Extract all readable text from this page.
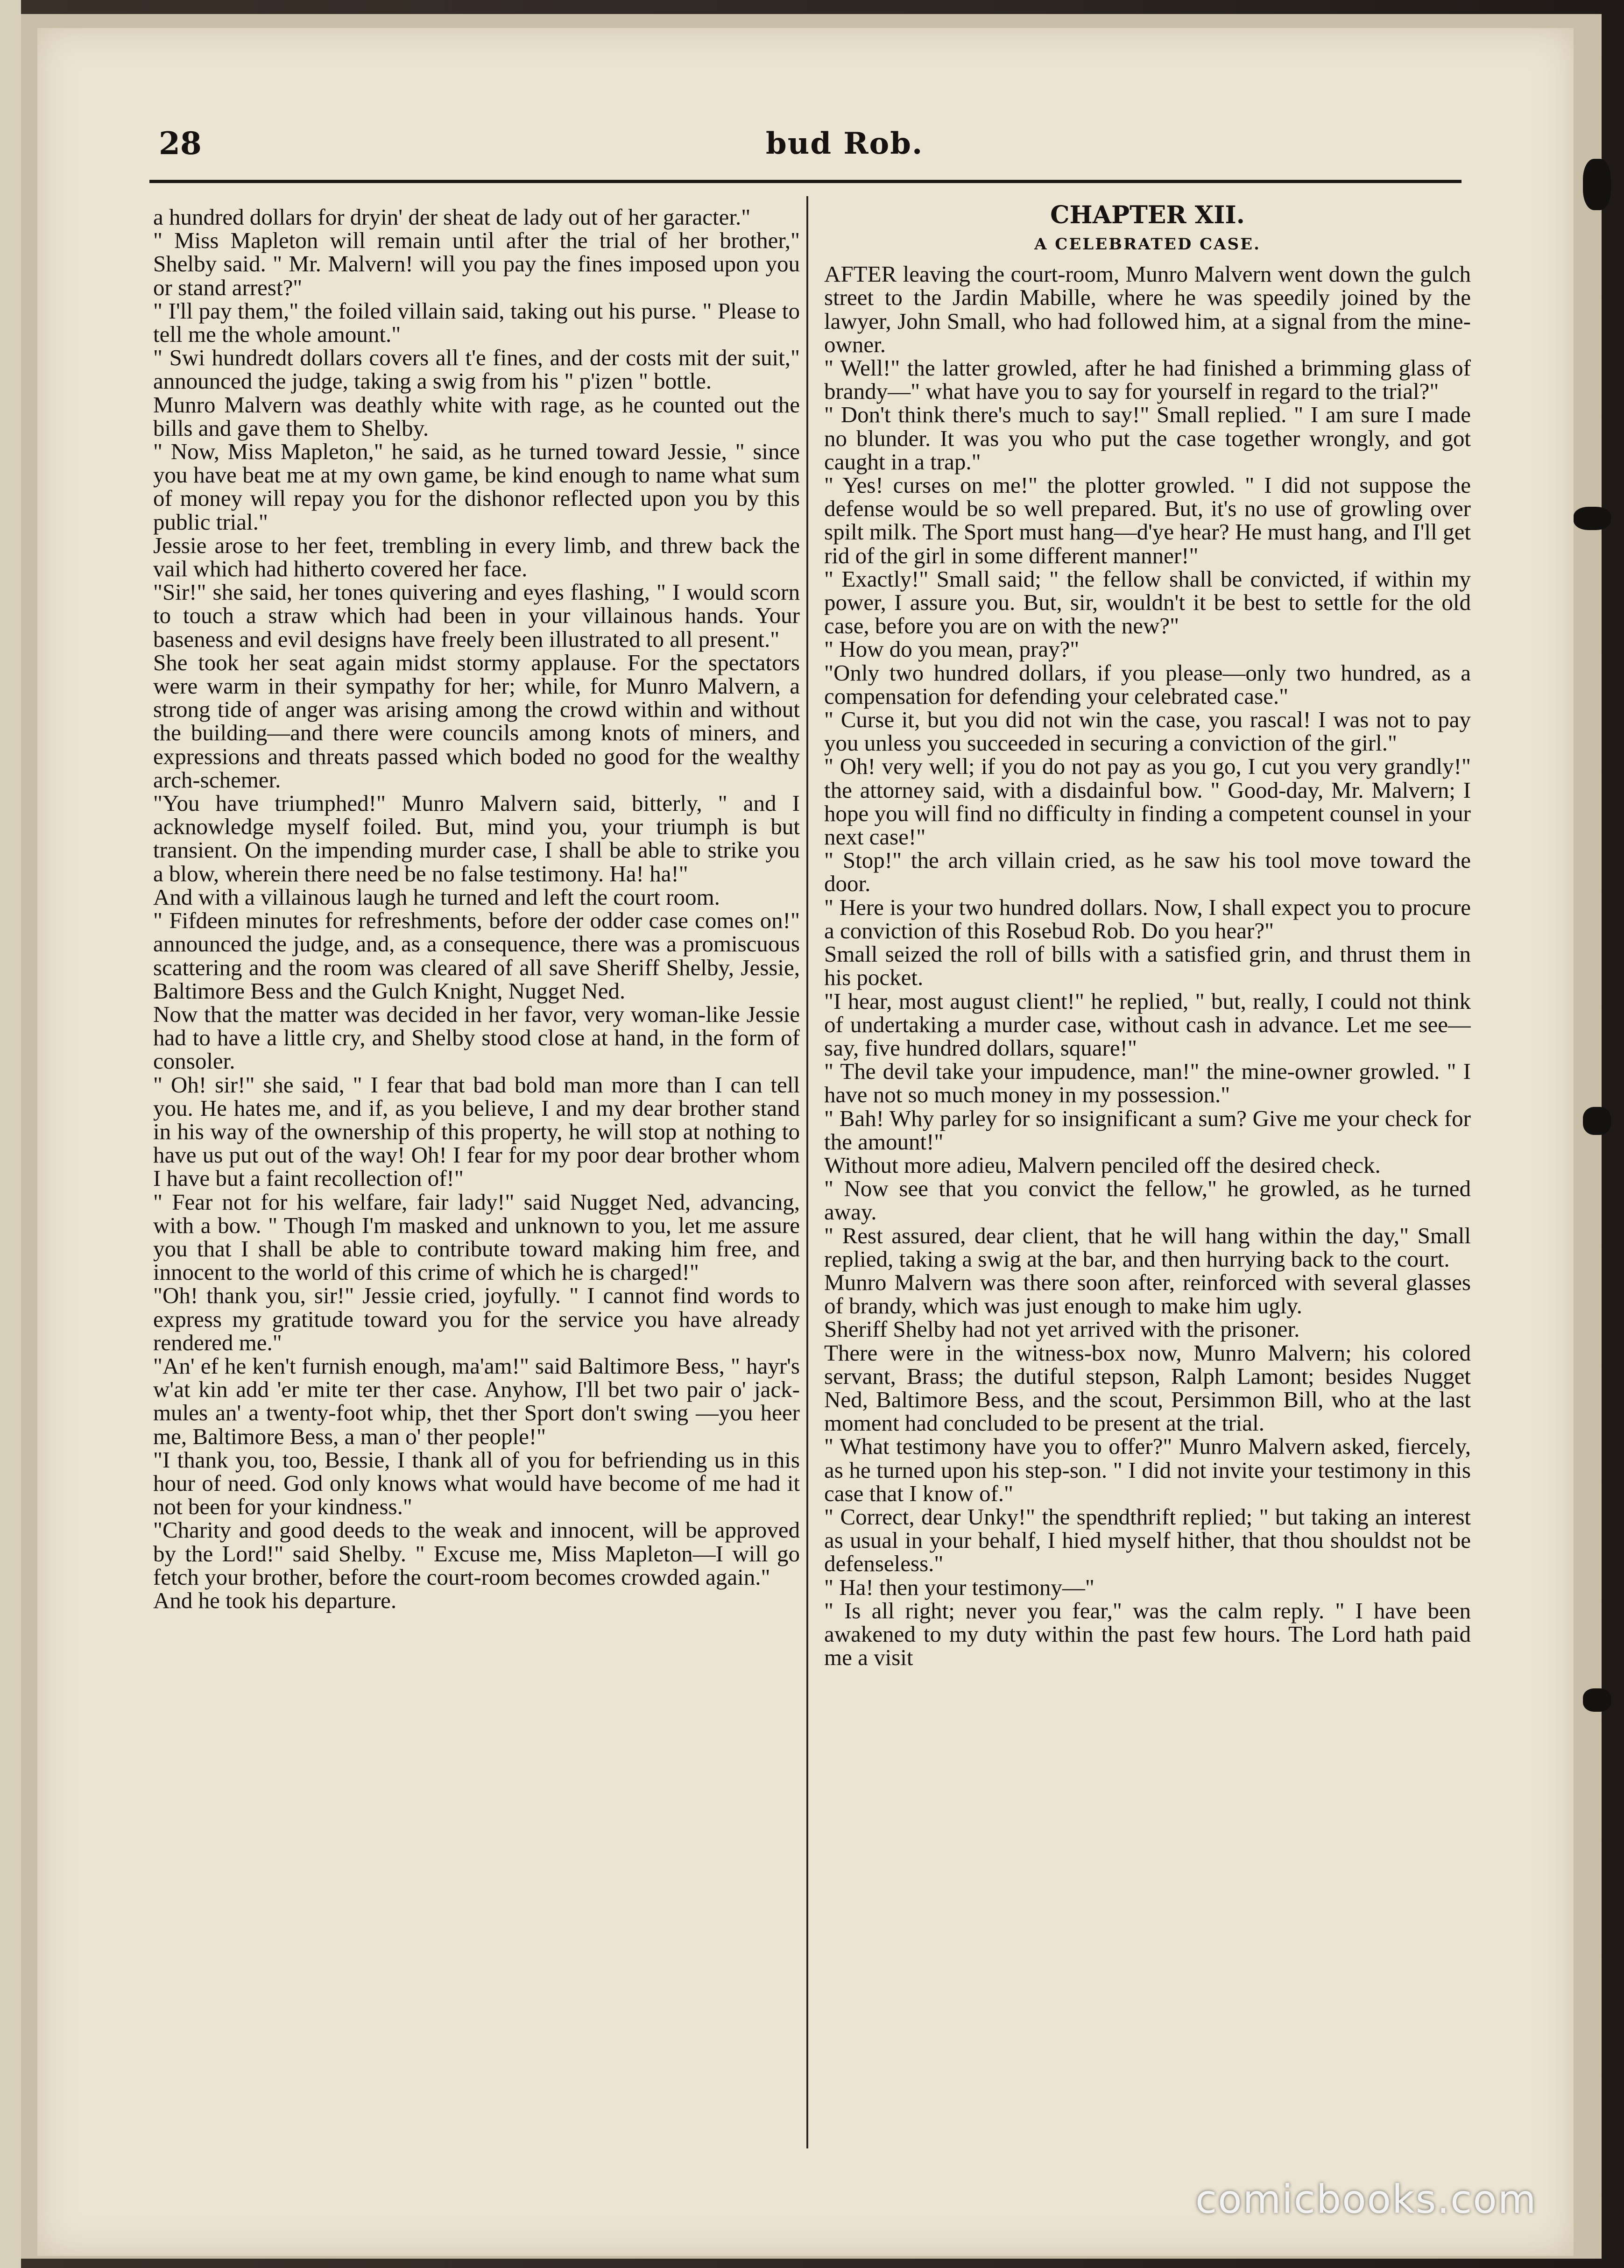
28	bud Rob.

a hundred dollars for dryin' der sheat de lady out of her garacter."

" Miss Mapleton will remain until after the trial of her brother," Shelby said. " Mr. Malvern! will you pay the fines imposed upon you or stand arrest?"

" I'll pay them," the foiled villain said, taking out his purse. " Please to tell me the whole amount."

" Swi hundredt dollars covers all t'e fines, and der costs mit der suit," announced the judge, taking a swig from his " p'izen " bottle.

Munro Malvern was deathly white with rage, as he counted out the bills and gave them to Shelby.

" Now, Miss Mapleton," he said, as he turned toward Jessie, " since you have beat me at my own game, be kind enough to name what sum of money will repay you for the dishonor reflected upon you by this public trial."

Jessie arose to her feet, trembling in every limb, and threw back the vail which had hitherto covered her face.

"Sir!" she said, her tones quivering and eyes flashing, " I would scorn to touch a straw which had been in your villainous hands. Your baseness and evil designs have freely been illustrated to all present."

She took her seat again midst stormy applause. For the spectators were warm in their sympathy for her; while, for Munro Malvern, a strong tide of anger was arising among the crowd within and without the building—and there were councils among knots of miners, and expressions and threats passed which boded no good for the wealthy arch-schemer.

"You have triumphed!" Munro Malvern said, bitterly, " and I acknowledge myself foiled. But, mind you, your triumph is but transient. On the impending murder case, I shall be able to strike you a blow, wherein there need be no false testimony. Ha! ha!"

And with a villainous laugh he turned and left the court room.

" Fifdeen minutes for refreshments, before der odder case comes on!" announced the judge, and, as a consequence, there was a promiscuous scattering and the room was cleared of all save Sheriff Shelby, Jessie, Baltimore Bess and the Gulch Knight, Nugget Ned.

Now that the matter was decided in her favor, very woman-like Jessie had to have a little cry, and Shelby stood close at hand, in the form of consoler.

" Oh! sir!" she said, " I fear that bad bold man more than I can tell you. He hates me, and if, as you believe, I and my dear brother stand in his way of the ownership of this property, he will stop at nothing to have us put out of the way! Oh! I fear for my poor dear brother whom I have but a faint recollection of!"

" Fear not for his welfare, fair lady!" said Nugget Ned, advancing, with a bow. " Though I'm masked and unknown to you, let me assure you that I shall be able to contribute toward making him free, and innocent to the world of this crime of which he is charged!"

"Oh! thank you, sir!" Jessie cried, joyfully. " I cannot find words to express my gratitude toward you for the service you have already rendered me."

"An' ef he ken't furnish enough, ma'am!" said Baltimore Bess, " hayr's w'at kin add 'er mite ter ther case. Anyhow, I'll bet two pair o' jack-mules an' a twenty-foot whip, thet ther Sport don't swing —you heer me, Baltimore Bess, a man o' ther people!"

"I thank you, too, Bessie, I thank all of you for befriending us in this hour of need. God only knows what would have become of me had it not been for your kindness."

"Charity and good deeds to the weak and innocent, will be approved by the Lord!" said Shelby. " Excuse me, Miss Mapleton—I will go fetch your brother, before the court-room becomes crowded again."

And he took his departure.

CHAPTER XII.
A CELEBRATED CASE.

AFTER leaving the court-room, Munro Malvern went down the gulch street to the Jardin Mabille, where he was speedily joined by the lawyer, John Small, who had followed him, at a signal from the mine-owner.

" Well!" the latter growled, after he had finished a brimming glass of brandy—" what have you to say for yourself in regard to the trial?"

" Don't think there's much to say!" Small replied. " I am sure I made no blunder. It was you who put the case together wrongly, and got caught in a trap."

" Yes! curses on me!" the plotter growled. " I did not suppose the defense would be so well prepared. But, it's no use of growling over spilt milk. The Sport must hang—d'ye hear? He must hang, and I'll get rid of the girl in some different manner!"

" Exactly!" Small said; " the fellow shall be convicted, if within my power, I assure you. But, sir, wouldn't it be best to settle for the old case, before you are on with the new?"

" How do you mean, pray?"

"Only two hundred dollars, if you please—only two hundred, as a compensation for defending your celebrated case."

" Curse it, but you did not win the case, you rascal! I was not to pay you unless you succeeded in securing a conviction of the girl."

" Oh! very well; if you do not pay as you go, I cut you very grandly!" the attorney said, with a disdainful bow. " Good-day, Mr. Malvern; I hope you will find no difficulty in finding a competent counsel in your next case!"

" Stop!" the arch villain cried, as he saw his tool move toward the door.

" Here is your two hundred dollars. Now, I shall expect you to procure a conviction of this Rosebud Rob. Do you hear?"

Small seized the roll of bills with a satisfied grin, and thrust them in his pocket.

"I hear, most august client!" he replied, " but, really, I could not think of undertaking a murder case, without cash in advance. Let me see—say, five hundred dollars, square!"

" The devil take your impudence, man!" the mine-owner growled. " I have not so much money in my possession."

" Bah! Why parley for so insignificant a sum? Give me your check for the amount!"

Without more adieu, Malvern penciled off the desired check.

" Now see that you convict the fellow," he growled, as he turned away.

" Rest assured, dear client, that he will hang within the day," Small replied, taking a swig at the bar, and then hurrying back to the court.

Munro Malvern was there soon after, reinforced with several glasses of brandy, which was just enough to make him ugly.

Sheriff Shelby had not yet arrived with the prisoner.

There were in the witness-box now, Munro Malvern; his colored servant, Brass; the dutiful stepson, Ralph Lamont; besides Nugget Ned, Baltimore Bess, and the scout, Persimmon Bill, who at the last moment had concluded to be present at the trial.

" What testimony have you to offer?" Munro Malvern asked, fiercely, as he turned upon his step-son. " I did not invite your testimony in this case that I know of."

" Correct, dear Unky!" the spendthrift replied; " but taking an interest as usual in your behalf, I hied myself hither, that thou shouldst not be defenseless."

" Ha! then your testimony—"

" Is all right; never you fear," was the calm reply. " I have been awakened to my duty within the past few hours. The Lord hath paid me a visit

comicbooks.com
